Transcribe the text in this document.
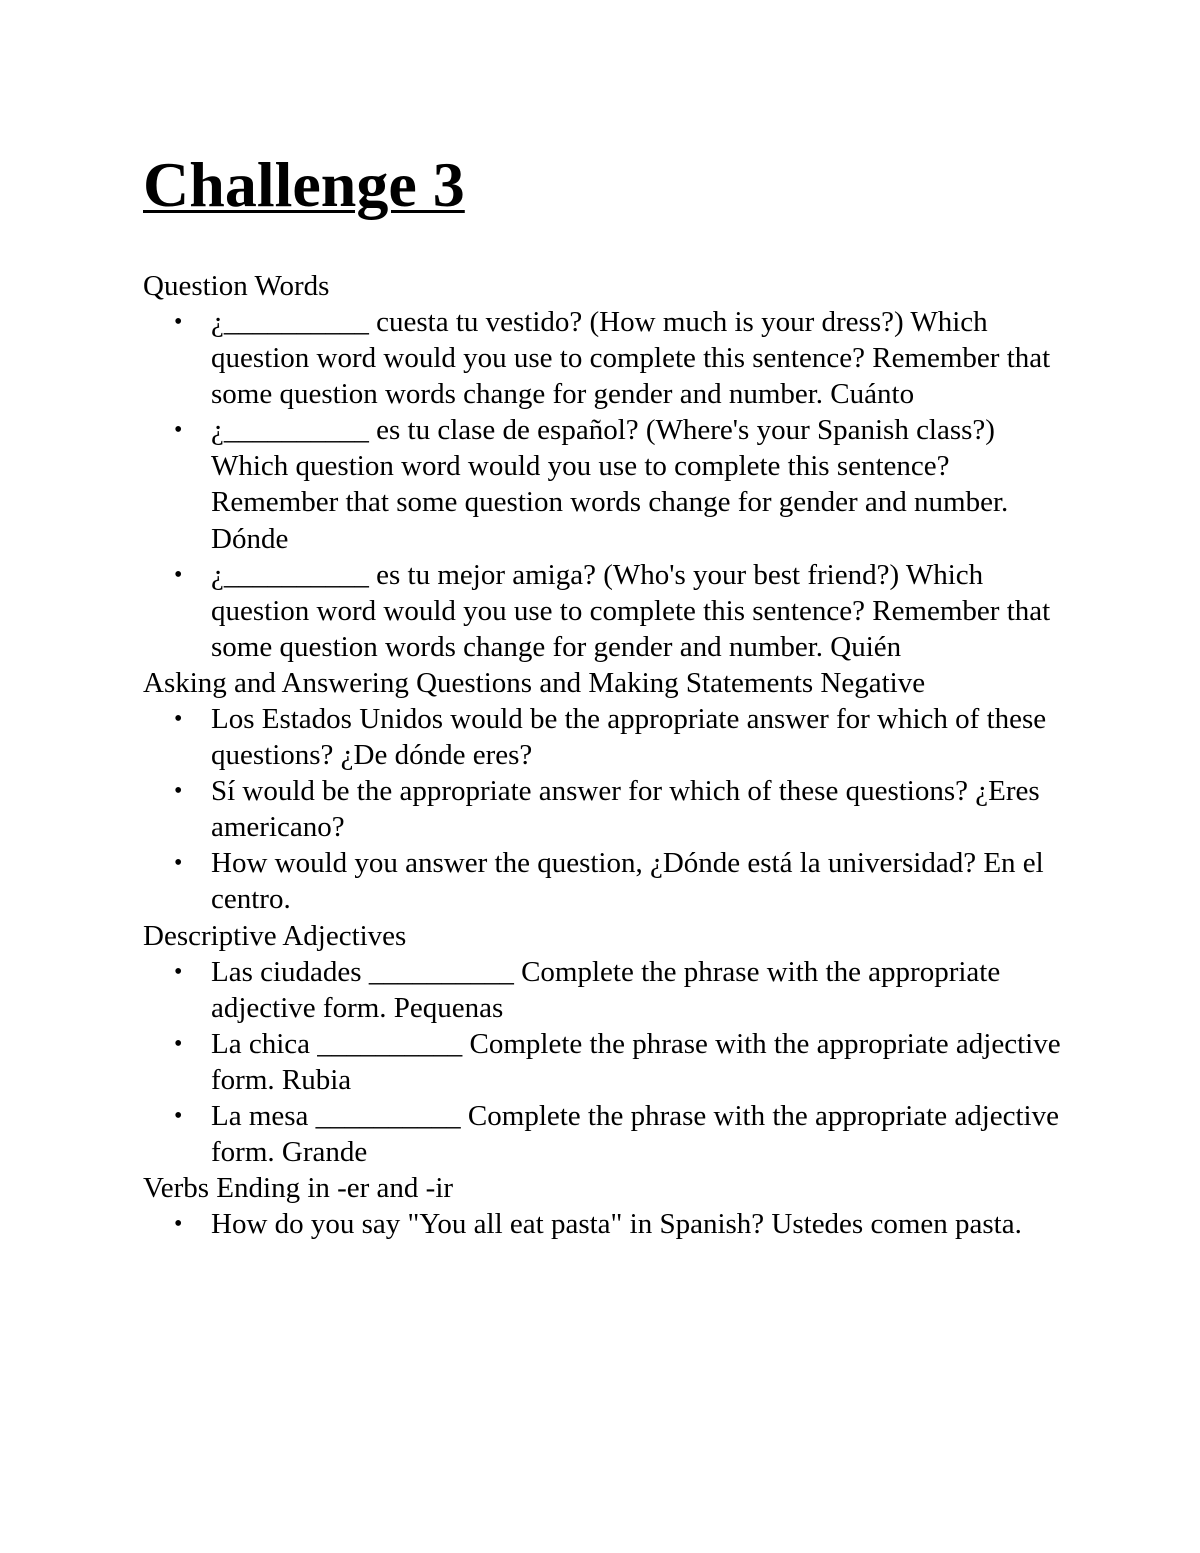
Challenge 3

Question Words

• ¿__________ cuesta tu vestido? (How much is your dress?) Which question word would you use to complete this sentence? Remember that some question words change for gender and number. Cuánto
• ¿__________ es tu clase de español? (Where's your Spanish class?) Which question word would you use to complete this sentence? Remember that some question words change for gender and number. Dónde
• ¿__________ es tu mejor amiga? (Who's your best friend?) Which question word would you use to complete this sentence? Remember that some question words change for gender and number. Quién

Asking and Answering Questions and Making Statements Negative

• Los Estados Unidos would be the appropriate answer for which of these questions? ¿De dónde eres?
• Sí would be the appropriate answer for which of these questions? ¿Eres americano?
• How would you answer the question, ¿Dónde está la universidad? En el centro.

Descriptive Adjectives

• Las ciudades __________ Complete the phrase with the appropriate adjective form. Pequenas
• La chica __________ Complete the phrase with the appropriate adjective form. Rubia
• La mesa __________ Complete the phrase with the appropriate adjective form. Grande

Verbs Ending in -er and -ir

• How do you say "You all eat pasta" in Spanish? Ustedes comen pasta.
